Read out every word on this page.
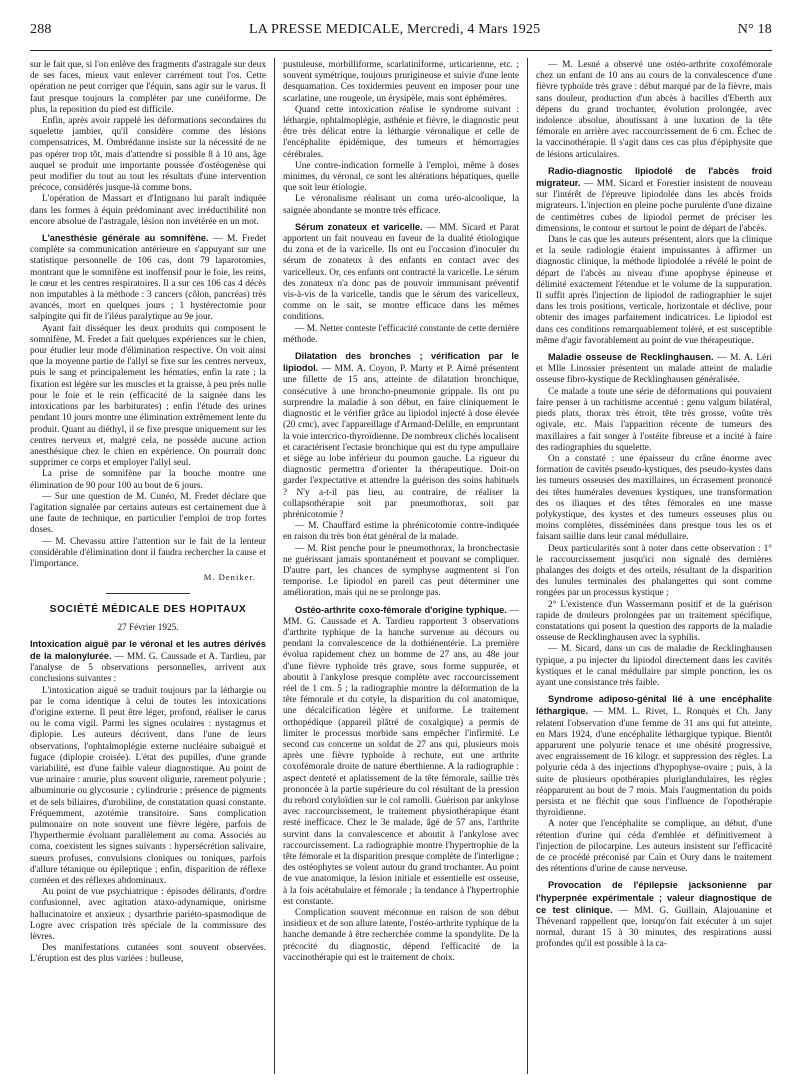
288	LA PRESSE MEDICALE, Mercredi, 4 Mars 1925	N° 18

sur le fait que, si l'on enlève des fragments d'astragale sur deux de ses faces, mieux vaut enlever carrément tout l'os. Cette opération ne peut corriger que l'équin, sans agir sur le varus. Il faut presque toujours la compléter par une cunéiforme. De plus, la reposition du pied est difficile.

Enfin, après avoir rappelé les déformations secondaires du squelette jambier, qu'il considère comme des lésions compensatrices, M. Ombrédanne insiste sur la nécessité de ne pas opérer trop tôt, mais d'attendre si possible 8 à 10 ans, âge auquel se produit une importante poussée d'ostéogenèse qui peut modifier du tout au tout les résultats d'une intervention précoce, considérés jusque-là comme bons.

L'opération de Massart et d'Intignano lui paraît indiquée dans les formes à équin prédominant avec irréductibilité non encore absolue de l'astragale, lésion non invétérée en un mot.

L'anesthésie générale au somnifène. — M. Fredet complète sa communication antérieure en s'appuyant sur une statistique personnelle de 106 cas, dont 79 laparotomies, montrant que le somnifène est inoffensif pour le foie, les reins, le cœur et les centres respiratoires. Il a sur ces 106 cas 4 décès non imputables à la méthode : 3 cancers (côlon, pancréas) très avancés, mort en quelques jours ; 1 hystérectomie pour salpingite qui fit de l'iléus paralytique au 9e jour.

Ayant fait disséquer les deux produits qui composent le somnifène, M. Fredet a fait quelques expériences sur le chien, pour étudier leur mode d'élimination respective. On voit ainsi que la moyenne partie de l'allyl se fixe sur les centres nerveux, puis le sang et principalement les hématies, enfin la rate ; la fixation est légère sur les muscles et la graisse, à peu près nulle pour le foie et le rein (efficacité de la saignée dans les intoxications par les barbiturates) ; enfin l'étude des urines pendant 10 jours montre une élimination extrêmement lente du produit. Quant au diéthyl, il se fixe presque uniquement sur les centres nerveux et, malgré cela, ne possède aucune action anesthésique chez le chien en expérience. On pourrait donc supprimer ce corps et employer l'allyl seul.

La prise de somnifène par la bouche montre une élimination de 90 pour 100 au bout de 6 jours.

— Sur une question de M. Cunéo, M. Fredet déclare que l'agitation signalée par certains auteurs est certainement due à une faute de technique, en particulier l'emploi de trop fortes doses.

— M. Chevassu attire l'attention sur le fait de la lenteur considérable d'élimination dont il faudra rechercher la cause et l'importance.

M. Deniker.
SOCIÉTÉ MÉDICALE DES HOPITAUX
27 Février 1925.

Intoxication aiguë par le véronal et les autres dérivés de la malonylurée. — MM. G. Caussade et A. Tardieu, par l'analyse de 5 observations personnelles, arrivent aux conclusions suivantes :

L'intoxication aiguë se traduit toujours par la léthargie ou par le coma identique à celui de toutes les intoxications d'origine externe. Il peut être léger, profond, réaliser le carus ou le coma vigil. Parmi les signes oculaires : nystagmus et diplopie. Les auteurs décrivent, dans l'une de leurs observations, l'ophtalmoplégie externe nucléaire subaiguë et fugace (diplopie croisée). L'état des pupilles, d'une grande variabilité, est d'une faible valeur diagnostique. Au point de vue urinaire : anurie, plus souvent oligurie, rarement polyurie ; albuminurie ou glycosurie ; cylindrurie ; présence de pigments et de sels biliaires, d'urobiline, de constatation quasi constante. Fréquemment, azotémie transitoire. Sans complication pulmonaire on note souvent une fièvre légère, parfois de l'hyperthermie évoluant parallèlement au coma. Associés au coma, coexistent les signes suivants : hypersécrétion salivaire, sueurs profuses, convulsions cloniques ou toniques, parfois d'allure tétanique ou épileptique ; enfin, disparition de réflexe cornéen et des réflexes abdominaux.

Au point de vue psychiatrique : épisodes délirants, d'ordre confusionnel, avec agitation ataxo-adynamique, onirisme hallucinatoire et anxieux ; dysarthrie pariéto-spasmodique de Logre avec crispation très spéciale de la commissure des lèvres.

Des manifestations cutanées sont souvent observées. L'éruption est des plus variées : bulleuse,

pustuleuse, morbilliforme, scarlatiniforme, urticarienne, etc. ; souvent symétrique, toujours prurigineuse et suivie d'une lente desquamation. Ces toxidermies peuvent en imposer pour une scarlatine, une rougeole, un érysipèle, mais sont éphémères.

Quand cette intoxication réalise le syndrome suivant : léthargie, ophtalmoplégie, asthénie et fièvre, le diagnostic peut être très délicat entre la léthargie véronalique et celle de l'encéphalite épidémique, des tumeurs et hémorragies cérébrales.

Une contre-indication formelle à l'emploi, même à doses minimes, du véronal, ce sont les altérations hépatiques, quelle que soit leur étiologie.

Le véronalisme réalisant un coma uréo-alcoolique, la saignée abondante se montre très efficace.

Sérum zonateux et varicelle. — MM. Sicard et Parat apportent un fait nouveau en faveur de la dualité étiologique du zona et de la varicelle. Ils ont eu l'occasion d'inoculer du sérum de zonateux à des enfants en contact avec des varicelleux. Or, ces enfants ont contracté la varicelle. Le sérum des zonateux n'a donc pas de pouvoir immunisant préventif vis-à-vis de la varicelle, tandis que le sérum des varicelleux, comme on le sait, se montre efficace dans les mêmes conditions.

— M. Netter conteste l'efficacité constante de cette dernière méthode.

Dilatation des bronches ; vérification par le lipiodol. — MM. A. Coyon, P. Marty et P. Aimé présentent une fillette de 15 ans, atteinte de dilatation bronchique, consécutive à une broncho-pneumonie grippale. Ils ont pu surprendre la maladie à son début, en faire cliniquement le diagnostic et le vérifier grâce au lipiodol injecté à dose élevée (20 cmc), avec l'appareillage d'Armand-Delille, en empruntant la voie intercrico-thyroïdienne. De nombreux clichés localisent et caractérisent l'ectasie bronchique qui est du type ampullaire et siège au lobe inférieur du poumon gauche. La rigueur du diagnostic permettra d'orienter la thérapeutique. Doit-on garder l'expectative et attendre la guérison des soins habituels ? N'y a-t-il pas lieu, au contraire, de réaliser la collapsothérapie soit par pneumothorax, soit par phrénicotomie ?

— M. Chauffard estime la phrénicotomie contre-indiquée en raison du très bon état général de la malade.

— M. Rist penche pour le pneumothorax, la bronchectasie ne guérissant jamais spontanément et pouvant se compliquer. D'autre part, les chances de symphyse augmentent si l'on temporise. Le lipiodol en pareil cas peut déterminer une amélioration, mais qui ne se prolonge pas.

Ostéo-arthrite coxo-fémorale d'origine typhique. — MM. G. Caussade et A. Tardieu rapportent 3 observations d'arthrite typhique de la hanche survenue au décours ou pendant la convalescence de la dothiénentérie. La première évolua rapidement chez un homme de 27 ans, au 48e jour d'une fièvre typhoïde très grave, sous forme suppurée, et aboutit à l'ankylose presque complète avec raccourcissement réel de 1 cm. 5 ; la radiographie montre la déformation de la tête fémorale et du cotyle, la disparition du col anatomique, une décalcification légère et uniforme. Le traitement orthopédique (appareil plâtré de coxalgique) a permis de limiter le processus morbide sans empêcher l'infirmité. Le second cas concerne un soldat de 27 ans qui, plusieurs mois après une fièvre typhoïde à rechute, eut une arthrite coxofémorale droite de nature éberthienne. A la radiographie : aspect denteté et aplatissement de la tête fémorale, saillie très prononcée à la partie supérieure du col résultant de la pression du rebord cotyloïdien sur le col ramolli. Guérison par ankylose avec raccourcissement, le traitement physiothérapique étant resté inefficace. Chez le 3e malade, âgé de 57 ans, l'arthrite survint dans la convalescence et aboutit à l'ankylose avec raccourcissement. La radiographie montre l'hypertrophie de la tête fémorale et la disparition presque complète de l'interligne ; des ostéophytes se volent autour du grand trochanter. Au point de vue anatomique, la lésion initiale et essentielle est osseuse, à la fois acétabulaire et fémorale ; la tendance à l'hypertrophie est constante.

Complication souvent méconnue en raison de son début insidieux et de son allure latente, l'ostéo-arthrite typhique de la hanche demande à être recherchée comme la spondylite. De la précocité du diagnostic, dépend l'efficacité de la vaccinothérapie qui est le traitement de choix.

— M. Lesné a observé une ostéo-arthrite coxofémorale chez un enfant de 10 ans au cours de la convalescence d'une fièvre typhoïde très grave : début marqué par de la fièvre, mais sans douleur, production d'un abcès à bacilles d'Eberth aux dépens du grand trochanter, évolution prolongée, avec indolence absolue, aboutissant à une luxation de la tête fémorale en arrière avec raccourcissement de 6 cm. Échec de la vaccinothérapie. Il s'agit dans ces cas plus d'épiphysite que de lésions articulaires.

Radio-diagnostic lipiodolé de l'abcès froid migrateur. — MM. Sicard et Forestier insistent de nouveau sur l'intérêt de l'épreuve lipiodolée dans les abcès froids migrateurs. L'injection en pleine poche purulente d'une dizaine de centimètres cubes de lipiodol permet de préciser les dimensions, le contour et surtout le point de départ de l'abcès.

Dans le cas que les auteurs présentent, alors que la clinique et la seule radiologie étaient impuissantes à affirmer un diagnostic clinique, la méthode lipiodolée a révélé le point de départ de l'abcès au niveau d'une apophyse épineuse et délimité exactement l'étendue et le volume de la suppuration. Il suffit après l'injection de lipiodol de radiographier le sujet dans les trois positions, verticale, horizontale et déclive, pour obtenir des images parfaitement indicatrices. Le lipiodol est dans ces conditions remarquablement toléré, et est susceptible même d'agir favorablement au point de vue thérapeutique.

Maladie osseuse de Recklinghausen. — M. A. Léri et Mlle Linossier présentent un malade atteint de maladie osseuse fibro-kystique de Recklinghausen généralisée.

Ce malade a toute une série de déformations qui pouvaient faire penser à un rachitisme accentué : genu valgum bilatéral, pieds plats, thorax très étroit, tête très grosse, voûte très ogivale, etc. Mais l'apparition récente de tumeurs des maxillaires a fait songer à l'ostéite fibreuse et a incité à faire des radiographies du squelette.

On a constaté : une épaisseur du crâne énorme avec formation de cavités pseudo-kystiques, des pseudo-kystes dans les tumeurs osseuses des maxillaires, un écrasement prononcé des têtes humérales devenues kystiques, une transformation des os iliaques et des têtes fémorales en une masse polykystique, des kystes et des tumeurs osseuses plus ou moins complètes, disséminées dans presque tous les os et faisant saillie dans leur canal médullaire.

Deux particularités sont à noter dans cette observation : 1° le raccourcissement jusqu'ici non signalé des dernières phalanges des doigts et des orteils, résultant de la disparition des lunules terminales des phalangettes qui sont comme rongées par un processus kystique ;

2° L'existence d'un Wassermann positif et de la guérison rapide de douleurs prolongées par un traitement spécifique, constatations qui posent la question des rapports de la maladie osseuse de Recklinghausen avec la syphilis.

— M. Sicard, dans un cas de maladie de Recklinghausen typique, a pu injecter du lipiodol directement dans les cavités kystiques et le canal médullaire par simple ponction, les os ayant une consistance très faible.

Syndrome adiposo-génital lié à une encéphalite léthargique. — MM. L. Rivet, L. Ronquès et Ch. Jany relatent l'observation d'une femme de 31 ans qui fut atteinte, en Mars 1924, d'une encéphalite léthargique typique. Bientôt apparurent une polyurie tenace et une obésité progressive, avec engraissement de 16 kilogr. et suppression des règles. La polyurie céda à des injections d'hypophyse-ovaire ; puis, à la suite de plusieurs opothérapies pluriglandulaires, les règles réapparurent au bout de 7 mois. Mais l'augmentation du poids persista et ne fléchit que sous l'influence de l'opothérapie thyroïdienne.

A noter que l'encéphalite se complique, au début, d'une rétention d'urine qui céda d'emblée et définitivement à l'injection de pilocarpine. Les auteurs insistent sur l'efficacité de ce procédé préconisé par Caïn et Oury dans le traitement des rétentions d'urine de cause nerveuse.

Provocation de l'épilepsie jacksonienne par l'hyperpnée expérimentale ; valeur diagnostique de ce test clinique. — MM. G. Guillain, Alajouanine et Thévenard rappellent que, lorsqu'on fait exécuter à un sujet normal, durant 15 à 30 minutes, des respirations aussi profondes qu'il est possible à la ca-
